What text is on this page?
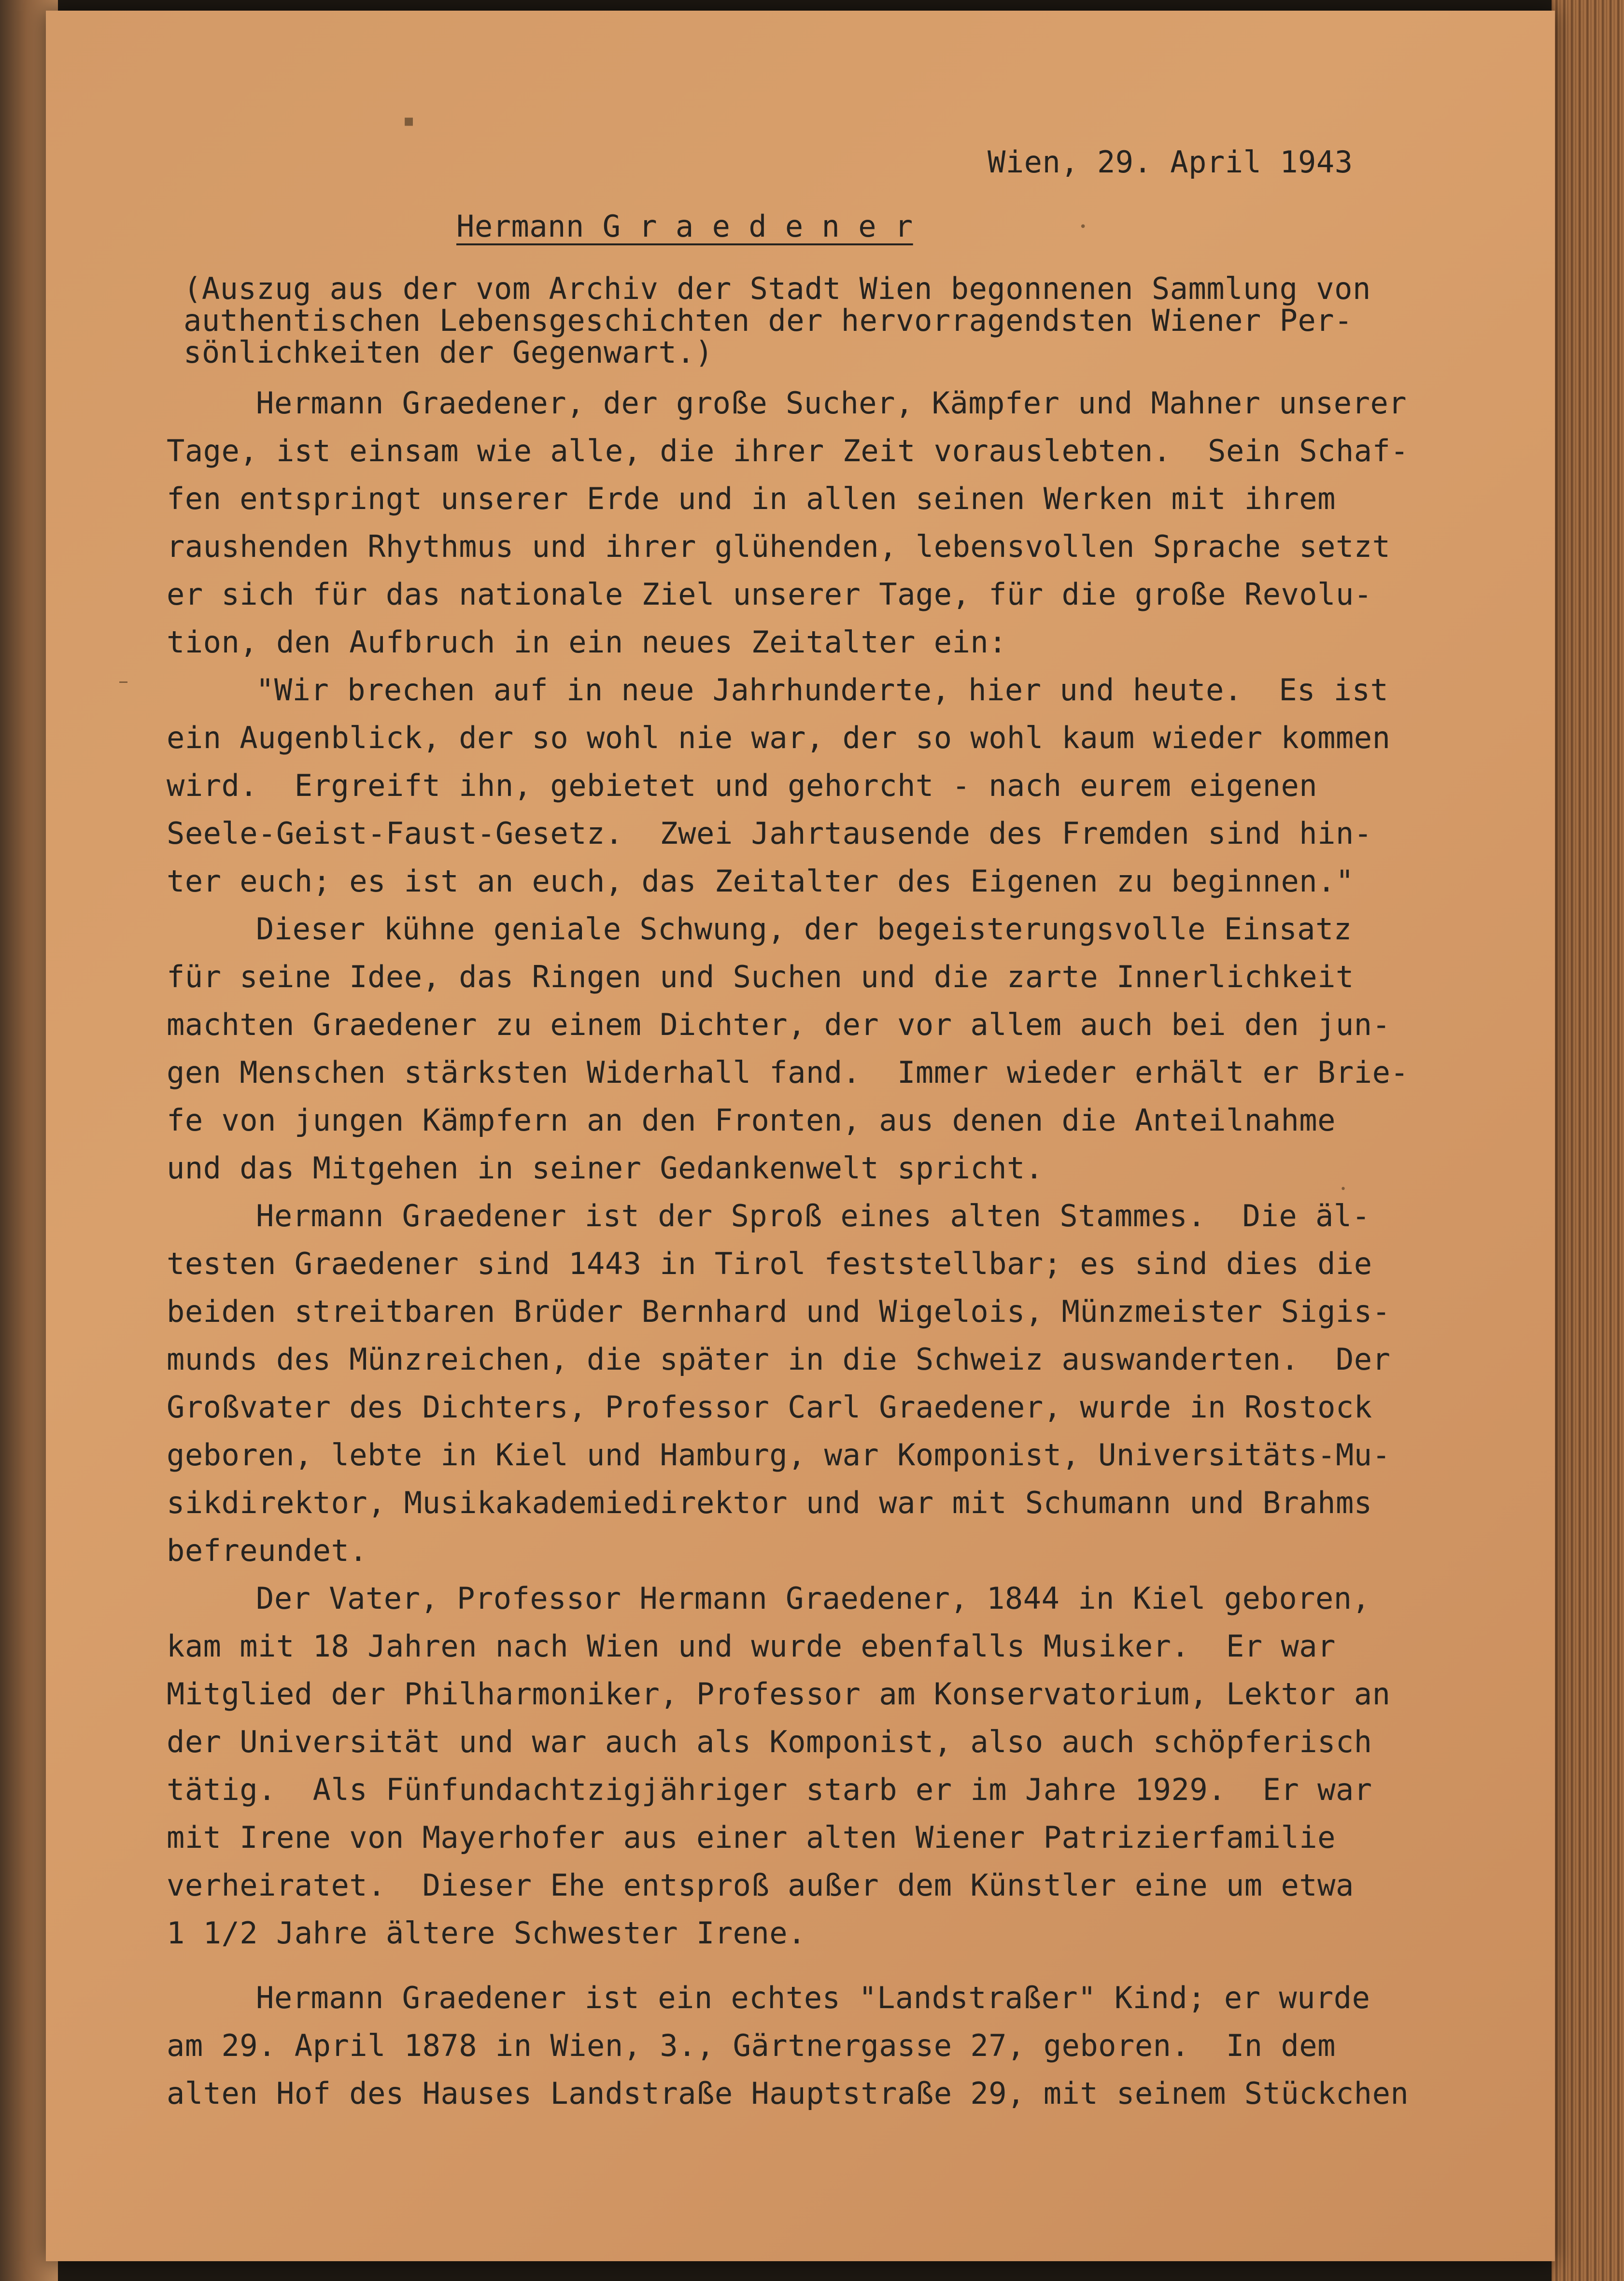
Wien, 29. April 1943
Hermann G r a e d e n e r
(Auszug aus der vom Archiv der Stadt Wien begonnenen Sammlung von
authentischen Lebensgeschichten der hervorragendsten Wiener Per-
sönlichkeiten der Gegenwart.)
Hermann Graedener, der große Sucher, Kämpfer und Mahner unserer
Tage, ist einsam wie alle, die ihrer Zeit vorauslebten.  Sein Schaf-
fen entspringt unserer Erde und in allen seinen Werken mit ihrem
raushenden Rhythmus und ihrer glühenden, lebensvollen Sprache setzt
er sich für das nationale Ziel unserer Tage, für die große Revolu-
tion, den Aufbruch in ein neues Zeitalter ein:
"Wir brechen auf in neue Jahrhunderte, hier und heute.  Es ist
ein Augenblick, der so wohl nie war, der so wohl kaum wieder kommen
wird.  Ergreift ihn, gebietet und gehorcht - nach eurem eigenen
Seele-Geist-Faust-Gesetz.  Zwei Jahrtausende des Fremden sind hin-
ter euch; es ist an euch, das Zeitalter des Eigenen zu beginnen."
Dieser kühne geniale Schwung, der begeisterungsvolle Einsatz
für seine Idee, das Ringen und Suchen und die zarte Innerlichkeit
machten Graedener zu einem Dichter, der vor allem auch bei den jun-
gen Menschen stärksten Widerhall fand.  Immer wieder erhält er Brie-
fe von jungen Kämpfern an den Fronten, aus denen die Anteilnahme
und das Mitgehen in seiner Gedankenwelt spricht.
Hermann Graedener ist der Sproß eines alten Stammes.  Die äl-
testen Graedener sind 1443 in Tirol feststellbar; es sind dies die
beiden streitbaren Brüder Bernhard und Wigelois, Münzmeister Sigis-
munds des Münzreichen, die später in die Schweiz auswanderten.  Der
Großvater des Dichters, Professor Carl Graedener, wurde in Rostock
geboren, lebte in Kiel und Hamburg, war Komponist, Universitäts-Mu-
sikdirektor, Musikakademiedirektor und war mit Schumann und Brahms
befreundet.
Der Vater, Professor Hermann Graedener, 1844 in Kiel geboren,
kam mit 18 Jahren nach Wien und wurde ebenfalls Musiker.  Er war
Mitglied der Philharmoniker, Professor am Konservatorium, Lektor an
der Universität und war auch als Komponist, also auch schöpferisch
tätig.  Als Fünfundachtzigjähriger starb er im Jahre 1929.  Er war
mit Irene von Mayerhofer aus einer alten Wiener Patrizierfamilie
verheiratet.  Dieser Ehe entsproß außer dem Künstler eine um etwa
1 1/2 Jahre ältere Schwester Irene.
Hermann Graedener ist ein echtes "Landstraßer" Kind; er wurde
am 29. April 1878 in Wien, 3., Gärtnergasse 27, geboren.  In dem
alten Hof des Hauses Landstraße Hauptstraße 29, mit seinem Stückchen
▪
•
–
•
